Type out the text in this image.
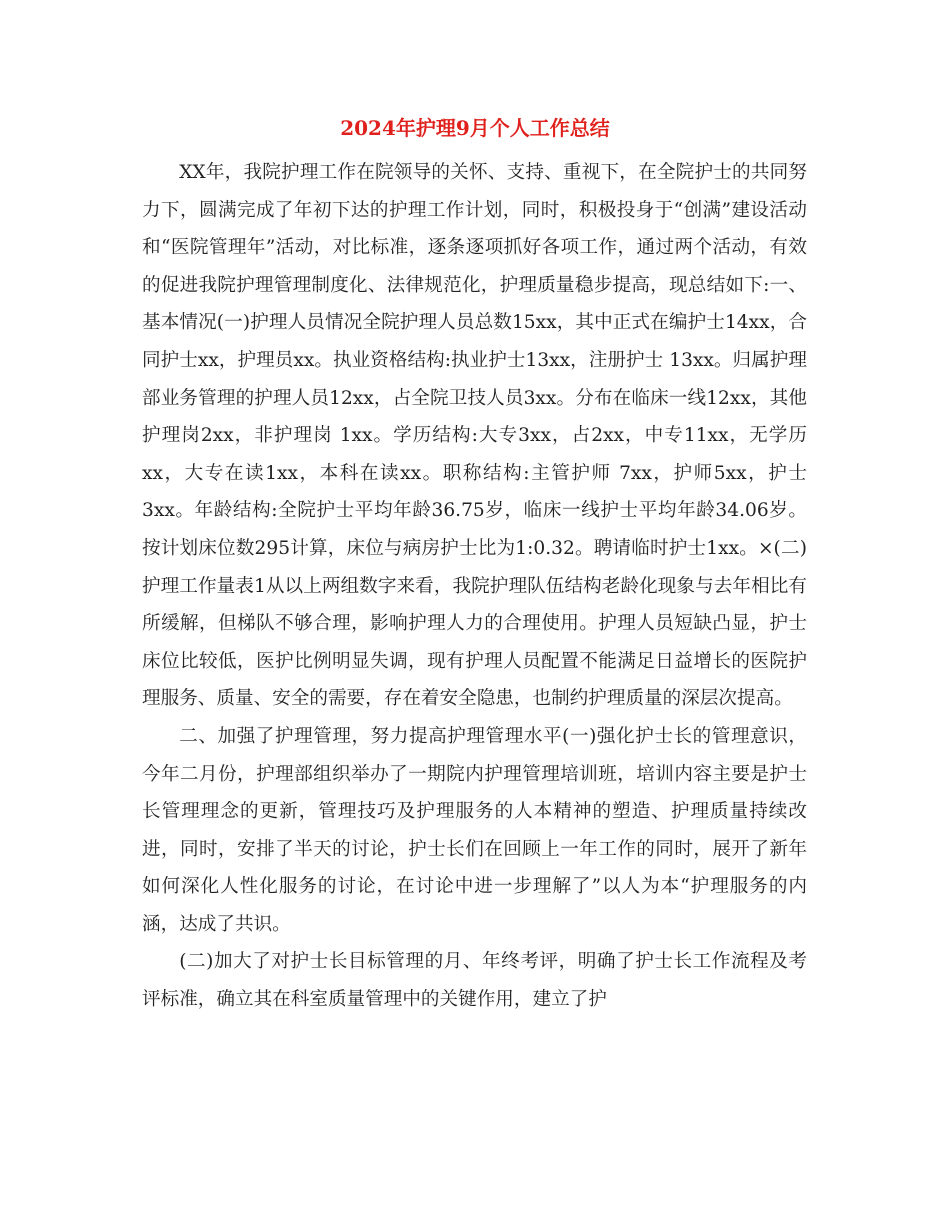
2024年护理9月个人工作总结

XX年，我院护理工作在院领导的关怀、支持、重视下，在全院护士的共同努力下，圆满完成了年初下达的护理工作计划，同时，积极投身于“创满”建设活动和“医院管理年”活动，对比标准，逐条逐项抓好各项工作，通过两个活动，有效的促进我院护理管理制度化、法律规范化，护理质量稳步提高，现总结如下:一、基本情况(一)护理人员情况全院护理人员总数15xx，其中正式在编护士14xx，合同护士xx，护理员xx。执业资格结构:执业护士13xx，注册护士 13xx。归属护理部业务管理的护理人员12xx，占全院卫技人员3xx。分布在临床一线12xx，其他护理岗2xx，非护理岗 1xx。学历结构:大专3xx，占2xx，中专11xx，无学历xx，大专在读1xx，本科在读xx。职称结构:主管护师 7xx，护师5xx，护士3xx。年龄结构:全院护士平均年龄36.75岁，临床一线护士平均年龄34.06岁。按计划床位数295计算，床位与病房护士比为1:0.32。聘请临时护士1xx。×(二)护理工作量表1从以上两组数字来看，我院护理队伍结构老龄化现象与去年相比有所缓解，但梯队不够合理，影响护理人力的合理使用。护理人员短缺凸显，护士床位比较低，医护比例明显失调，现有护理人员配置不能满足日益增长的医院护理服务、质量、安全的需要，存在着安全隐患，也制约护理质量的深层次提高。

二、加强了护理管理，努力提高护理管理水平(一)强化护士长的管理意识，今年二月份，护理部组织举办了一期院内护理管理培训班，培训内容主要是护士长管理理念的更新，管理技巧及护理服务的人本精神的塑造、护理质量持续改进，同时，安排了半天的讨论，护士长们在回顾上一年工作的同时，展开了新年如何深化人性化服务的讨论，在讨论中进一步理解了”以人为本“护理服务的内涵，达成了共识。

(二)加大了对护士长目标管理的月、年终考评，明确了护士长工作流程及考评标准，确立其在科室质量管理中的关键作用，建立了护
